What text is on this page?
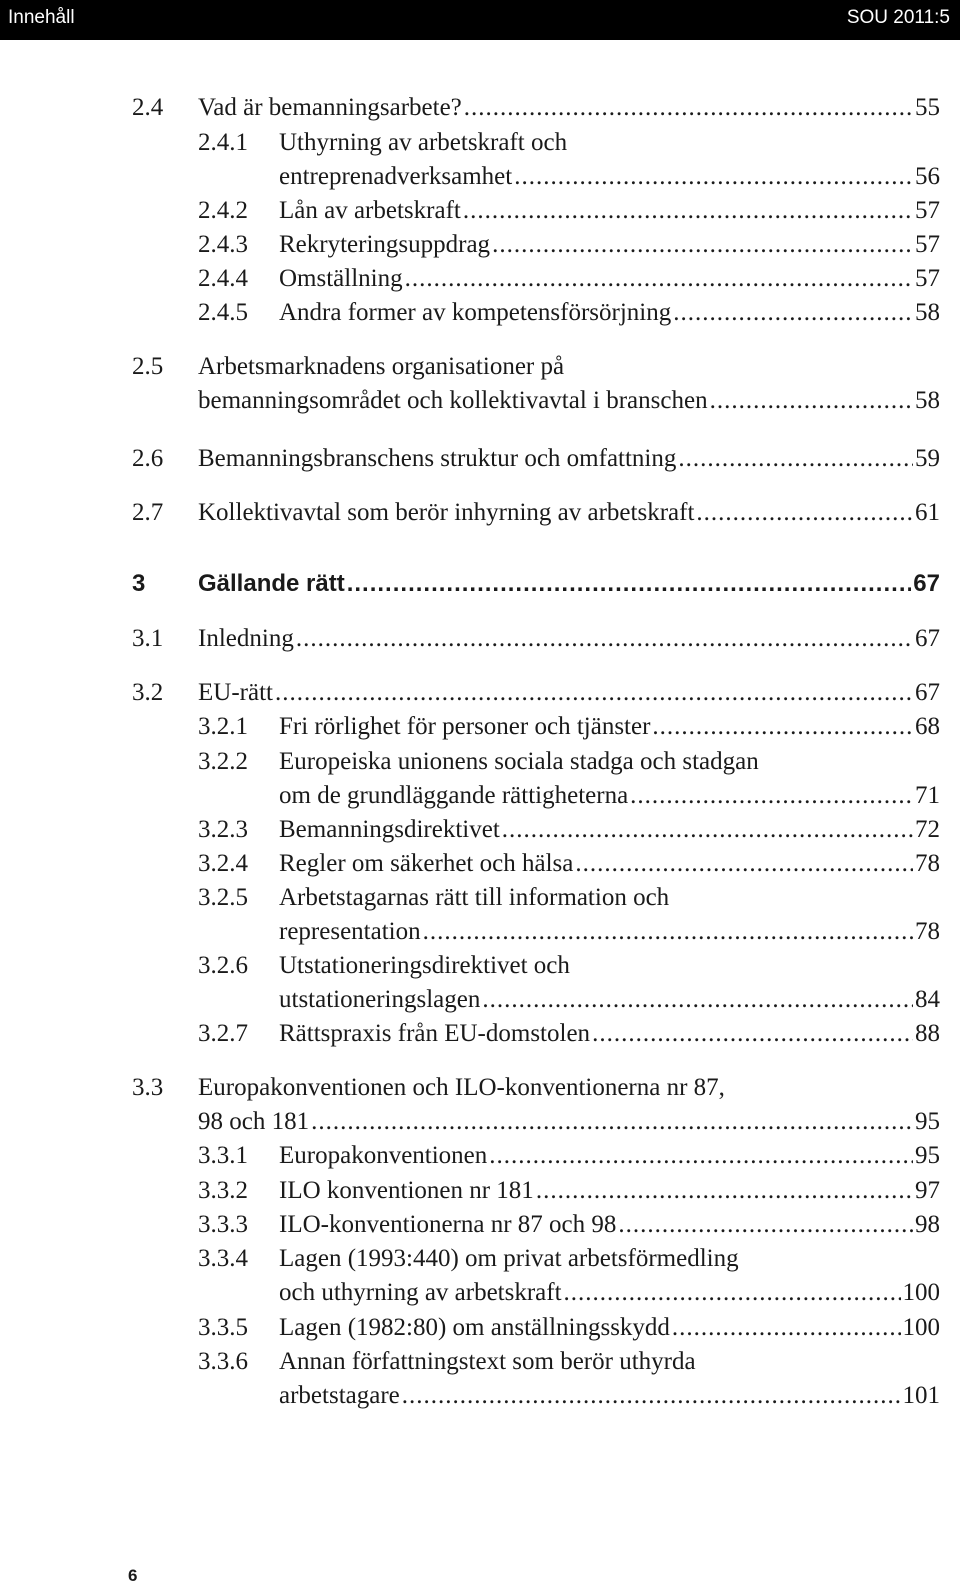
Innehåll	SOU 2011:5
2.4 Vad är bemanningsarbete?	55
.....
2.4.1 Uthyrning av arbetskraft och
entreprenadverksamhet	56
.....
2.4.2 Lån av arbetskraft	57
.....
2.4.3 Rekryteringsuppdrag	57
.....
2.4.4 Omställning	57
.....
2.4.5 Andra former av kompetensförsörjning	58
.....
2.5 Arbetsmarknadens organisationer på
bemanningsområdet och kollektivavtal i branschen	58
.....
2.6 Bemanningsbranschens struktur och omfattning	59
.....
2.7 Kollektivavtal som berör inhyrning av arbetskraft	61
.....
3 Gällande rätt	67
.....
3.1 Inledning	67
.....
3.2 EU-rätt	67
.....
3.2.1 Fri rörlighet för personer och tjänster	68
.....
3.2.2 Europeiska unionens sociala stadga och stadgan
om de grundläggande rättigheterna	71
.....
3.2.3 Bemanningsdirektivet	72
.....
3.2.4 Regler om säkerhet och hälsa	78
.....
3.2.5 Arbetstagarnas rätt till information och
representation	78
.....
3.2.6 Utstationeringsdirektivet och
utstationeringslagen	84
.....
3.2.7 Rättspraxis från EU-domstolen	88
.....
3.3 Europakonventionen och ILO-konventionerna nr 87,
98 och 181	95
.....
3.3.1 Europakonventionen	95
.....
3.3.2 ILO konventionen nr 181	97
.....
3.3.3 ILO-konventionerna nr 87 och 98	98
.....
3.3.4 Lagen (1993:440) om privat arbetsförmedling
och uthyrning av arbetskraft	100
.....
3.3.5 Lagen (1982:80) om anställningsskydd	100
.....
3.3.6 Annan författningstext som berör uthyrda
arbetstagare	101
.....
6
